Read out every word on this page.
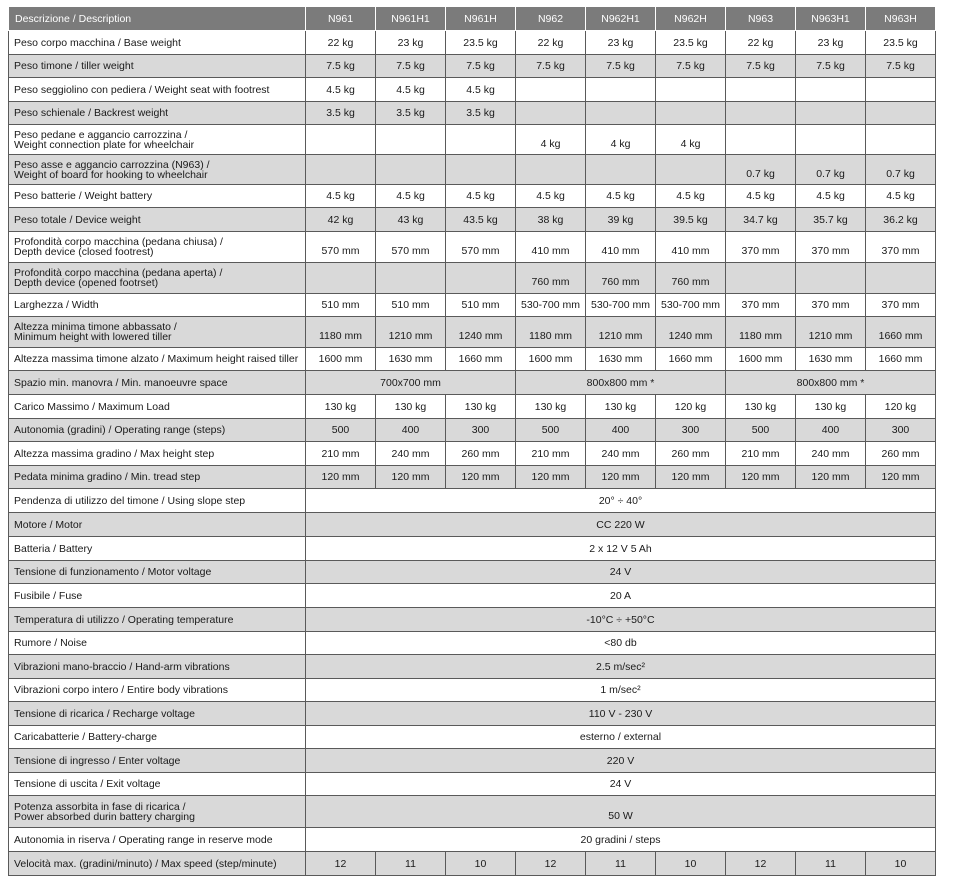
Descrizione / Description	N961	N961H1	N961H	N962	N962H1	N962H	N963	N963H1	N963H
Peso corpo macchina / Base weight	22 kg	23 kg	23.5 kg	22 kg	23 kg	23.5 kg	22 kg	23 kg	23.5 kg
Peso timone / tiller weight	7.5 kg	7.5 kg	7.5 kg	7.5 kg	7.5 kg	7.5 kg	7.5 kg	7.5 kg	7.5 kg
Peso seggiolino con pediera / Weight seat with footrest	4.5 kg	4.5 kg	4.5 kg						
Peso schienale / Backrest weight	3.5 kg	3.5 kg	3.5 kg						
Peso pedane e aggancio carrozzina /
Weight connection plate for wheelchair				4 kg	4 kg	4 kg			
Peso asse e aggancio carrozzina (N963) /
Weight of board for hooking to wheelchair							0.7 kg	0.7 kg	0.7 kg
Peso batterie / Weight battery	4.5 kg	4.5 kg	4.5 kg	4.5 kg	4.5 kg	4.5 kg	4.5 kg	4.5 kg	4.5 kg
Peso totale / Device weight	42 kg	43 kg	43.5 kg	38 kg	39 kg	39.5 kg	34.7 kg	35.7 kg	36.2 kg
Profondità corpo macchina (pedana chiusa) /
Depth device (closed footrest)	570 mm	570 mm	570 mm	410 mm	410 mm	410 mm	370 mm	370 mm	370 mm
Profondità corpo macchina (pedana aperta) /
Depth device (opened footrset)				760 mm	760 mm	760 mm			
Larghezza / Width	510 mm	510 mm	510 mm	530-700 mm	530-700 mm	530-700 mm	370 mm	370 mm	370 mm
Altezza minima timone abbassato /
Minimum height with lowered tiller	1180 mm	1210 mm	1240 mm	1180 mm	1210 mm	1240 mm	1180 mm	1210 mm	1660 mm
Altezza massima timone alzato / Maximum height raised tiller	1600 mm	1630 mm	1660 mm	1600 mm	1630 mm	1660 mm	1600 mm	1630 mm	1660 mm
Spazio min. manovra / Min. manoeuvre space	700x700 mm			800x800 mm *			800x800 mm *		
Carico Massimo / Maximum Load	130 kg	130 kg	130 kg	130 kg	130 kg	120 kg	130 kg	130 kg	120 kg
Autonomia (gradini) / Operating range (steps)	500	400	300	500	400	300	500	400	300
Altezza massima gradino / Max height step	210 mm	240 mm	260 mm	210 mm	240 mm	260 mm	210 mm	240 mm	260 mm
Pedata minima gradino / Min. tread step	120 mm	120 mm	120 mm	120 mm	120 mm	120 mm	120 mm	120 mm	120 mm
Pendenza di utilizzo del timone / Using slope step	20° ÷ 40°								
Motore / Motor	CC 220 W								
Batteria / Battery	2 x 12 V 5 Ah								
Tensione di funzionamento / Motor voltage	24 V								
Fusibile / Fuse	20 A								
Temperatura di utilizzo / Operating temperature	-10°C ÷ +50°C								
Rumore / Noise	<80 db								
Vibrazioni mano-braccio / Hand-arm vibrations	2.5 m/sec²								
Vibrazioni corpo intero / Entire body vibrations	1 m/sec²								
Tensione di ricarica / Recharge voltage	110 V - 230 V								
Caricabatterie / Battery-charge	esterno / external								
Tensione di ingresso / Enter voltage	220 V								
Tensione di uscita / Exit voltage	24 V								
Potenza assorbita in fase di ricarica /
Power absorbed durin battery charging	50 W								
Autonomia in riserva / Operating range in reserve mode	20 gradini / steps								
Velocità max. (gradini/minuto) / Max speed (step/minute)	12	11	10	12	11	10	12	11	10
